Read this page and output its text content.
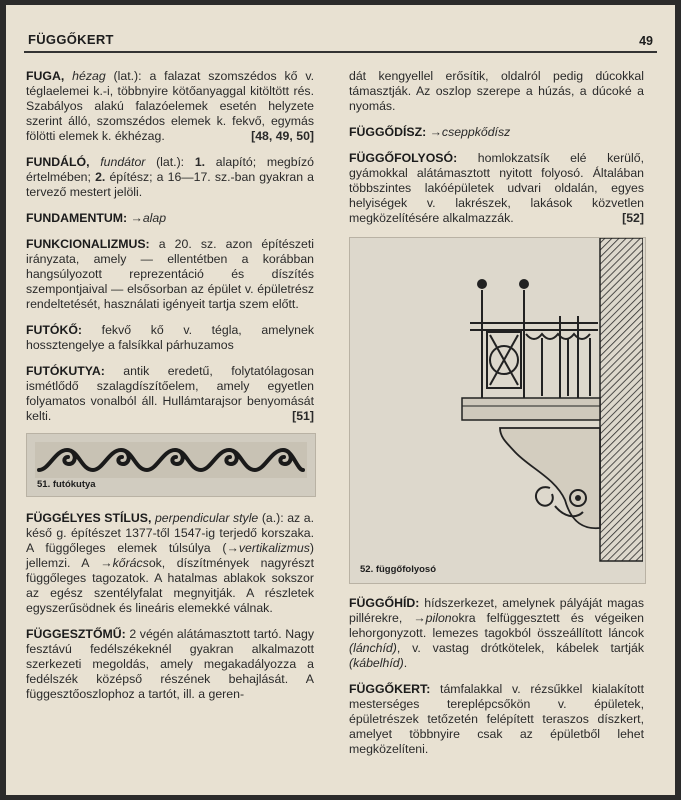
FÜGGŐKERT	49

FUGA, hézag (lat.): a falazat szomszédos kő v. téglaelemei k.-i, többnyire kötőanyaggal kitöltött rés. Szabályos alakú falazóelemek esetén helyzete szerint álló, szomszédos elemek k. fekvő, egymás fölötti elemek k. ékhézag.	[48, 49, 50]

FUNDÁLÓ, fundátor (lat.): 1. alapító; megbízó értelmében; 2. építész; a 16—17. sz.-ban gyakran a tervező mestert jelöli.

FUNDAMENTUM: →alap

FUNKCIONALIZMUS: a 20. sz. azon építészeti irányzata, amely — ellentétben a korábban hangsúlyozott reprezentáció és díszítés szempontjaival — elsősorban az épület v. épületrész rendeltetését, használati igényeit tartja szem előtt.

FUTÓKŐ: fekvő kő v. tégla, amelynek hossztengelye a falsíkkal párhuzamos

FUTÓKUTYA: antik eredetű, folytatólagosan ismétlődő szalagdíszítőelem, amely egyetlen folyamatos vonalból áll. Hullámtarajsor benyomását kelti.	[51]

51. futókutya

FÜGGÉLYES STÍLUS, perpendicular style (a.): az a. késő g. építészet 1377-től 1547-ig terjedő korszaka. A függőleges elemek túlsúlya (→vertikalizmus) jellemzi. A →kőrácsok, díszítmények nagyrészt függőleges tagozatok. A hatalmas ablakok sokszor az egész szentélyfalat megnyitják. A részletek egyszerűsödnek és lineáris elemekké válnak.

FÜGGESZTŐMŰ: 2 végén alátámasztott tartó. Nagy fesztávú fedélszékeknél gyakran alkalmazott szerkezeti megoldás, amely megakadályozza a fedélszék középső részének behajlását. A függesztőoszlophoz a tartót, ill. a geren-

dát kengyellel erősítik, oldalról pedig dúcokkal támasztják. Az oszlop szerepe a húzás, a dúcoké a nyomás.

FÜGGŐDÍSZ: →cseppkődísz

FÜGGŐFOLYOSÓ: homlokzatsík elé kerülő, gyámokkal alátámasztott nyitott folyosó. Általában többszintes lakóépületek udvari oldalán, egyes helyiségek v. lakrészek, lakások közvetlen megközelítésére alkalmazzák.	[52]

52. függőfolyosó

FÜGGŐHÍD: hídszerkezet, amelynek pályáját magas pillérekre, →pilonokra felfüggesztett és végeiken lehorgonyzott. lemezes tagokból összeállított láncok (lánchíd), v. vastag drótkötelek, kábelek tartják (kábelhíd).

FÜGGŐKERT: támfalakkal v. rézsűkkel kialakított mesterséges tereplépcsőkön v. épületek, épületrészek tetőzetén felépített teraszos díszkert, amelyet többnyire csak az épületből lehet megközelíteni.
